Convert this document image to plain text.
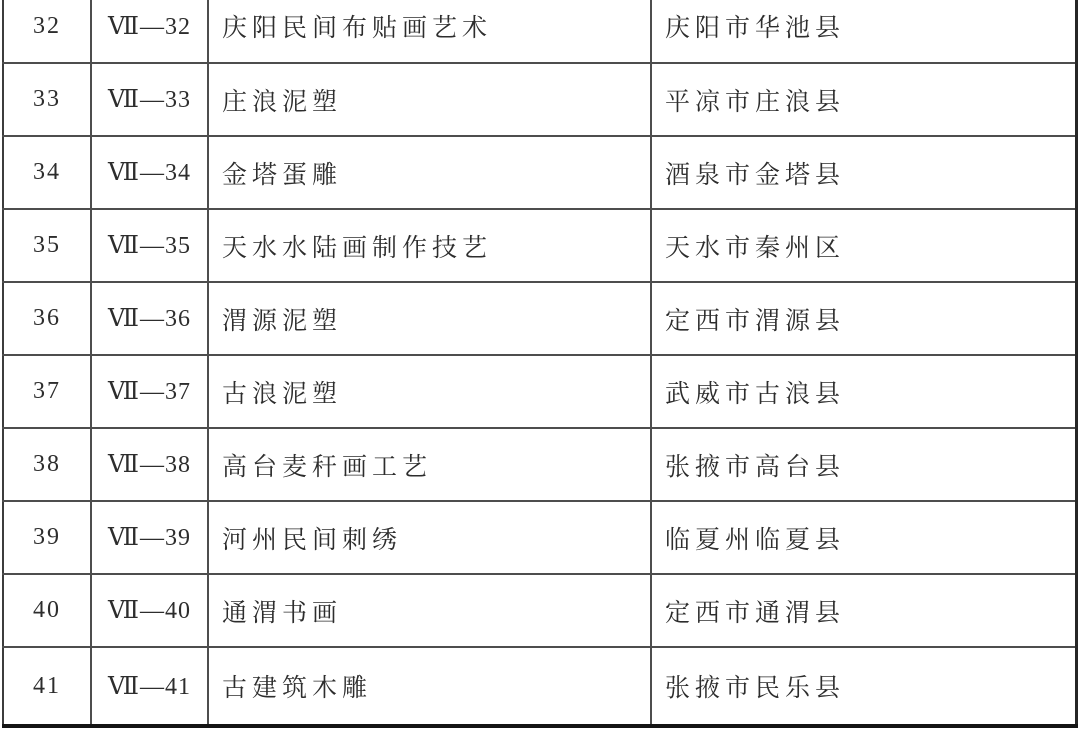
32	Ⅶ—32	庆阳民间布贴画艺术	庆阳市华池县
33	Ⅶ—33	庄浪泥塑	平凉市庄浪县
34	Ⅶ—34	金塔蛋雕	酒泉市金塔县
35	Ⅶ—35	天水水陆画制作技艺	天水市秦州区
36	Ⅶ—36	渭源泥塑	定西市渭源县
37	Ⅶ—37	古浪泥塑	武威市古浪县
38	Ⅶ—38	高台麦秆画工艺	张掖市高台县
39	Ⅶ—39	河州民间刺绣	临夏州临夏县
40	Ⅶ—40	通渭书画	定西市通渭县
41	Ⅶ—41	古建筑木雕	张掖市民乐县
